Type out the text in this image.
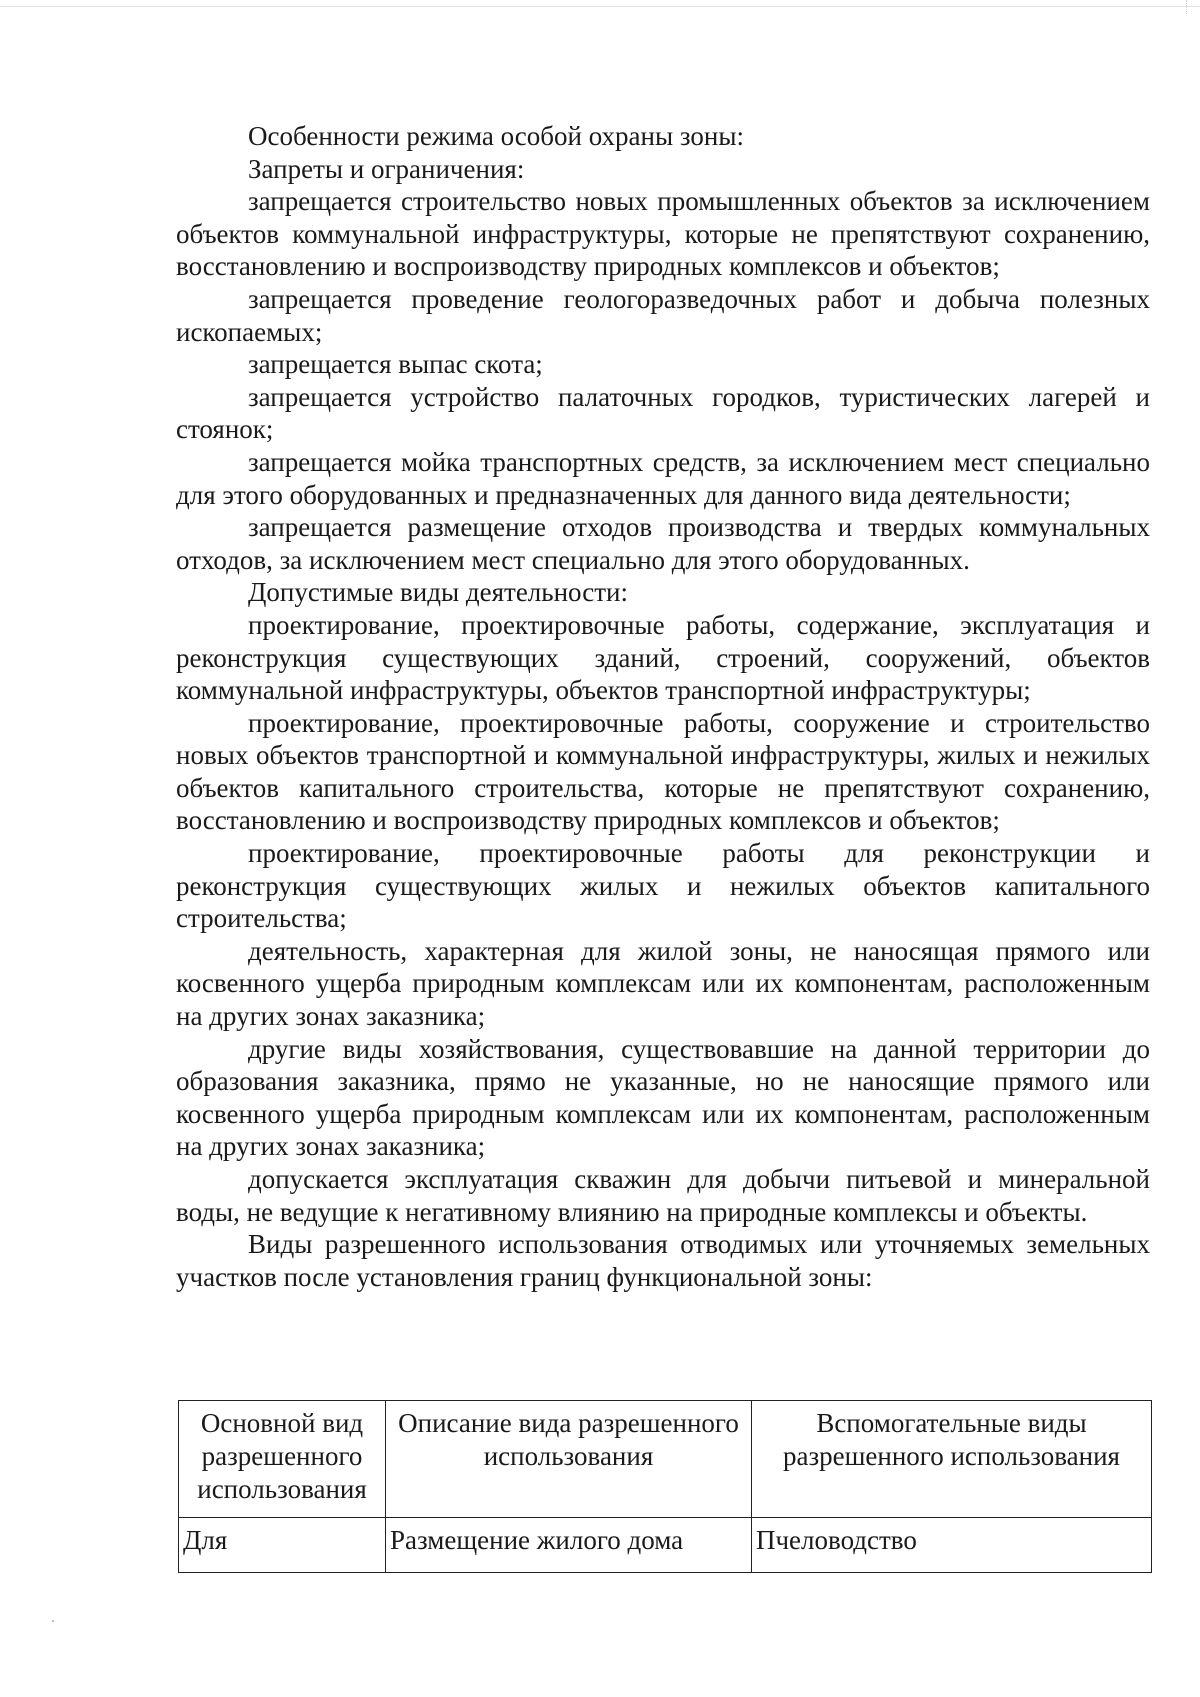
Особенности режима особой охраны зоны:

Запреты и ограничения:

запрещается строительство новых промышленных объектов за исключением объектов коммунальной инфраструктуры, которые не препятствуют сохранению, восстановлению и воспроизводству природных комплексов и объектов;

запрещается проведение геологоразведочных работ и добыча полезных ископаемых;

запрещается выпас скота;

запрещается устройство палаточных городков, туристических лагерей и стоянок;

запрещается мойка транспортных средств, за исключением мест специально для этого оборудованных и предназначенных для данного вида деятельности;

запрещается размещение отходов производства и твердых коммунальных отходов, за исключением мест специально для этого оборудованных.

Допустимые виды деятельности:

проектирование, проектировочные работы, содержание, эксплуатация и реконструкция существующих зданий, строений, сооружений, объектов коммунальной инфраструктуры, объектов транспортной инфраструктуры;

проектирование, проектировочные работы, сооружение и строительство новых объектов транспортной и коммунальной инфраструктуры, жилых и нежилых объектов капитального строительства, которые не препятствуют сохранению, восстановлению и воспроизводству природных комплексов и объектов;

проектирование, проектировочные работы для реконструкции и реконструкция существующих жилых и нежилых объектов капитального строительства;

деятельность, характерная для жилой зоны, не наносящая прямого или косвенного ущерба природным комплексам или их компонентам, расположенным на других зонах заказника;

другие виды хозяйствования, существовавшие на данной территории до образования заказника, прямо не указанные, но не наносящие прямого или косвенного ущерба природным комплексам или их компонентам, расположенным на других зонах заказника;

допускается эксплуатация скважин для добычи питьевой и минеральной воды, не ведущие к негативному влиянию на природные комплексы и объекты.

Виды разрешенного использования отводимых или уточняемых земельных участков после установления границ функциональной зоны:

Основной вид разрешенного использования	Описание вида разрешенного использования	Вспомогательные виды разрешенного использования
Для	Размещение жилого дома	Пчеловодство
